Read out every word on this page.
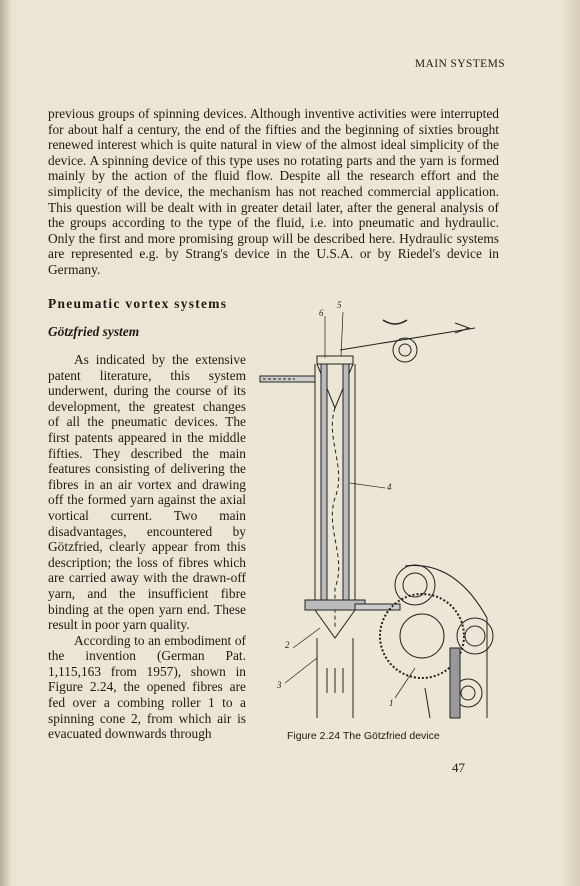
MAIN SYSTEMS

previous groups of spinning devices. Although inventive activities were interrupted for about half a century, the end of the fifties and the beginning of sixties brought renewed interest which is quite natural in view of the almost ideal simplicity of the device. A spinning device of this type uses no rotating parts and the yarn is formed mainly by the action of the fluid flow. Despite all the research effort and the simplicity of the device, the mechanism has not reached commercial application. This question will be dealt with in greater detail later, after the general analysis of the groups according to the type of the fluid, i.e. into pneumatic and hydraulic. Only the first and more promising group will be described here. Hydraulic systems are represented e.g. by Strang's device in the U.S.A. or by Riedel's device in Germany.

Pneumatic vortex systems
Götzfried system

As indicated by the extensive patent literature, this system underwent, during the course of its development, the greatest changes of all the pneumatic devices. The first patents appeared in the middle fifties. They described the main features consisting of delivering the fibres in an air vortex and drawing off the formed yarn against the axial vortical current. Two main disadvantages, encountered by Götzfried, clearly appear from this description; the loss of fibres which are carried away with the drawn-off yarn, and the insufficient fibre binding at the open yarn end. These result in poor yarn quality.

According to an embodiment of the invention (German Pat. 1,115,163 from 1957), shown in Figure 2.24, the opened fibres are fed over a combing roller 1 to a spinning cone 2, from which air is evacuated downwards through

5
6
4
2
3
1
Figure 2.24 The Götzfried device
47
